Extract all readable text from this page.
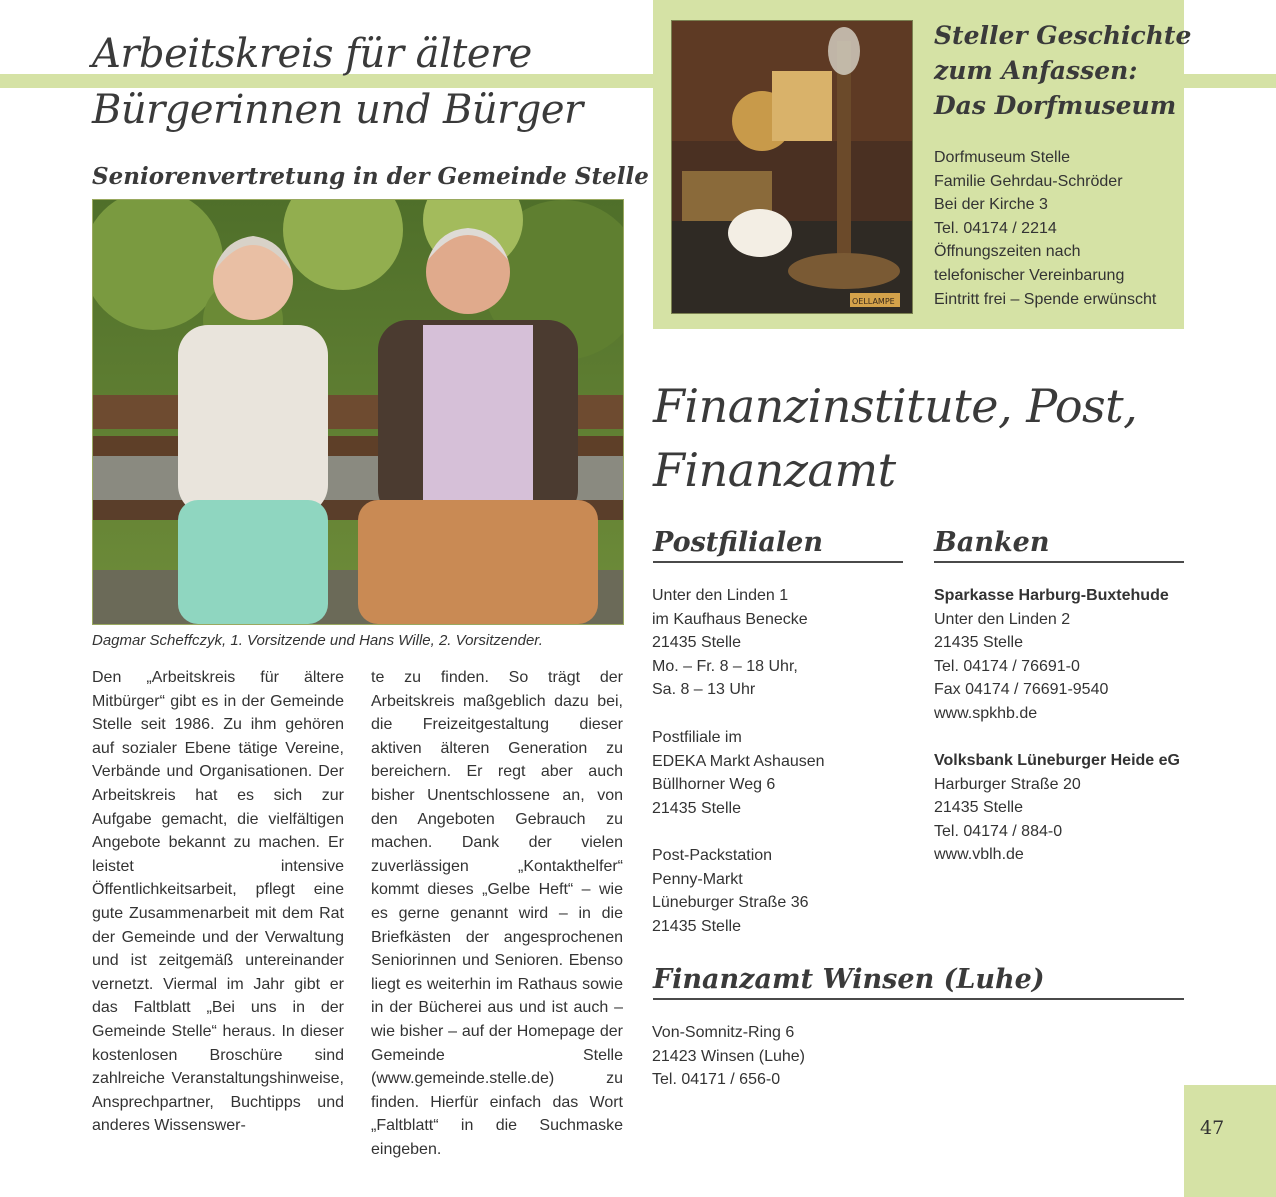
Arbeitskreis für ältere
Bürgerinnen und Bürger
Seniorenvertretung in der Gemeinde Stelle
Dagmar Scheffczyk, 1. Vorsitzende und Hans Wille, 2. Vorsitzender.
Den „Arbeitskreis für ältere Mitbürger“ gibt es in der Gemeinde Stelle seit 1986. Zu ihm gehören auf sozialer Ebene tätige Vereine, Verbände und Organisationen. Der Arbeitskreis hat es sich zur Aufgabe gemacht, die vielfältigen Angebote bekannt zu machen. Er leistet intensive Öffentlichkeitsarbeit, pflegt eine gute Zusammenarbeit mit dem Rat der Gemeinde und der Verwaltung und ist zeitgemäß untereinander vernetzt. Viermal im Jahr gibt er das Faltblatt „Bei uns in der Gemeinde Stelle“ heraus. In dieser kostenlosen Broschüre sind zahlreiche Veranstaltungshinweise, Ansprechpartner, Buchtipps und anderes Wissenswer-
te zu finden. So trägt der Arbeitskreis maßgeblich dazu bei, die Freizeitgestaltung dieser aktiven älteren Generation zu bereichern. Er regt aber auch bisher Unentschlossene an, von den Angeboten Gebrauch zu machen. Dank der vielen zuverlässigen „Kontakthelfer“ kommt dieses „Gelbe Heft“ – wie es gerne genannt wird – in die Briefkästen der angesprochenen Seniorinnen und Senioren. Ebenso liegt es weiterhin im Rathaus sowie in der Bücherei aus und ist auch – wie bisher – auf der Homepage der Gemeinde Stelle (www.gemeinde.stelle.de) zu finden. Hierfür einfach das Wort „Faltblatt“ in die Suchmaske eingeben.
OELLAMPE
Steller Geschichte
zum Anfassen:
Das Dorfmuseum
Dorfmuseum Stelle
Familie Gehrdau-Schröder
Bei der Kirche 3
Tel. 04174 / 2214
Öffnungszeiten nach
telefonischer Vereinbarung
Eintritt frei – Spende erwünscht
Finanzinstitute, Post,
Finanzamt
Postfilialen
Unter den Linden 1
im Kaufhaus Benecke
21435 Stelle
Mo. – Fr. 8 – 18 Uhr,
Sa. 8 – 13 Uhr
Postfiliale im
EDEKA Markt Ashausen
Büllhorner Weg 6
21435 Stelle
Post-Packstation
Penny-Markt
Lüneburger Straße 36
21435 Stelle
Banken
Sparkasse Harburg-Buxtehude
Unter den Linden 2
21435 Stelle
Tel. 04174 / 76691-0
Fax 04174 / 76691-9540
www.spkhb.de
Volksbank Lüneburger Heide eG
Harburger Straße 20
21435 Stelle
Tel. 04174 / 884-0
www.vblh.de
Finanzamt Winsen (Luhe)
Von-Somnitz-Ring 6
21423 Winsen (Luhe)
Tel. 04171 / 656-0
47
